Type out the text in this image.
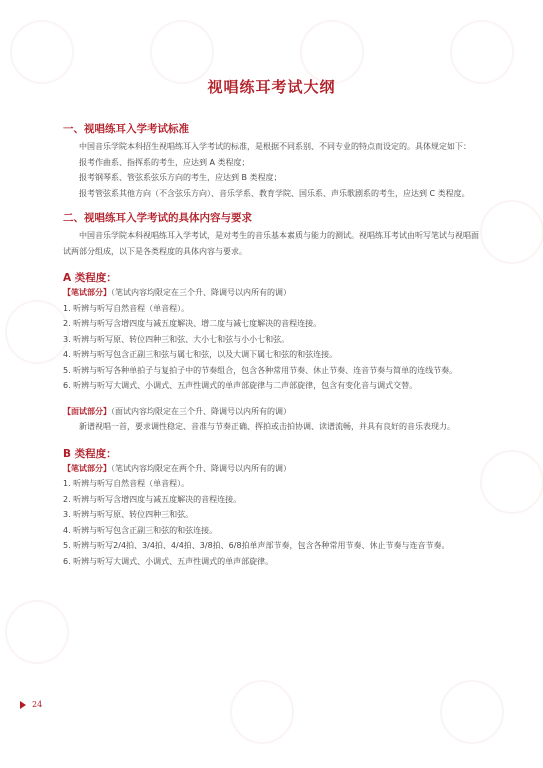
视唱练耳考试大纲

一、视唱练耳入学考试标准

中国音乐学院本科招生视唱练耳入学考试的标准，是根据不同系别、不同专业的特点而设定的。具体规定如下：

报考作曲系、指挥系的考生，应达到 A 类程度；

报考钢琴系、管弦系弦乐方向的考生，应达到 B 类程度；

报考管弦系其他方向（不含弦乐方向）、音乐学系、教育学院、国乐系、声乐歌剧系的考生，应达到 C 类程度。

二、视唱练耳入学考试的具体内容与要求

中国音乐学院本科视唱练耳入学考试，是对考生的音乐基本素质与能力的测试。视唱练耳考试由听写笔试与视唱面试两部分组成，以下是各类程度的具体内容与要求。

A 类程度：

【笔试部分】（笔试内容均限定在三个升、降调号以内所有的调）

1. 听辨与听写自然音程（单音程）。

2. 听辨与听写含增四度与减五度解决、增二度与减七度解决的音程连接。

3. 听辨与听写原、转位四种三和弦、大小七和弦与小小七和弦。

4. 听辨与听写包含正副三和弦与属七和弦，以及大调下属七和弦的和弦连接。

5. 听辨与听写各种单拍子与复拍子中的节奏组合，包含各种常用节奏、休止节奏、连音节奏与简单的连线节奏。

6. 听辨与听写大调式、小调式、五声性调式的单声部旋律与二声部旋律，包含有变化音与调式交替。

【面试部分】（面试内容均限定在三个升、降调号以内所有的调）

新谱视唱一首，要求调性稳定、音准与节奏正确、挥拍或击拍协调、读谱流畅，并具有良好的音乐表现力。

B 类程度：

【笔试部分】（笔试内容均限定在两个升、降调号以内所有的调）

1. 听辨与听写自然音程（单音程）。

2. 听辨与听写含增四度与减五度解决的音程连接。

3. 听辨与听写原、转位四种三和弦。

4. 听辨与听写包含正副三和弦的和弦连接。

5. 听辨与听写2/4拍、3/4拍、4/4拍、3/8拍、6/8拍单声部节奏，包含各种常用节奏、休止节奏与连音节奏。

6. 听辨与听写大调式、小调式、五声性调式的单声部旋律。

24
